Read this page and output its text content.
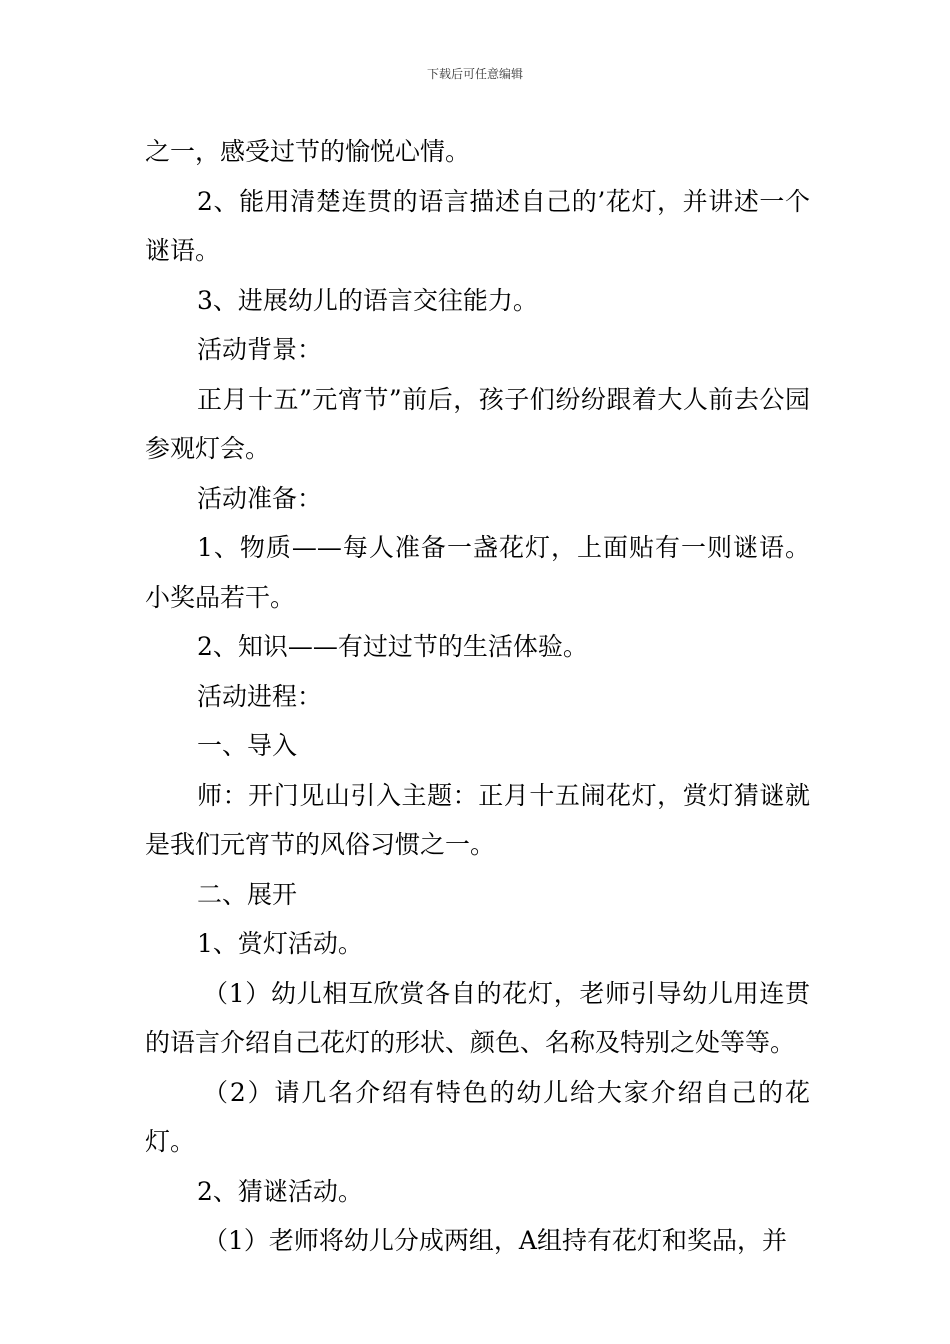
下载后可任意编辑

之一，感受过节的愉悦心情。

2、能用清楚连贯的语言描述自己的’花灯，并讲述一个谜语。

3、进展幼儿的语言交往能力。

活动背景：

正月十五”元宵节”前后，孩子们纷纷跟着大人前去公园参观灯会。

活动准备：

1、物质——每人准备一盏花灯，上面贴有一则谜语。小奖品若干。

2、知识——有过过节的生活体验。

活动进程：

一、导入

师：开门见山引入主题：正月十五闹花灯，赏灯猜谜就是我们元宵节的风俗习惯之一。

二、展开

1、赏灯活动。

（1）幼儿相互欣赏各自的花灯，老师引导幼儿用连贯的语言介绍自己花灯的形状、颜色、名称及特别之处等等。

（2）请几名介绍有特色的幼儿给大家介绍自己的花灯。

2、猜谜活动。

（1）老师将幼儿分成两组，A组持有花灯和奖品，并
